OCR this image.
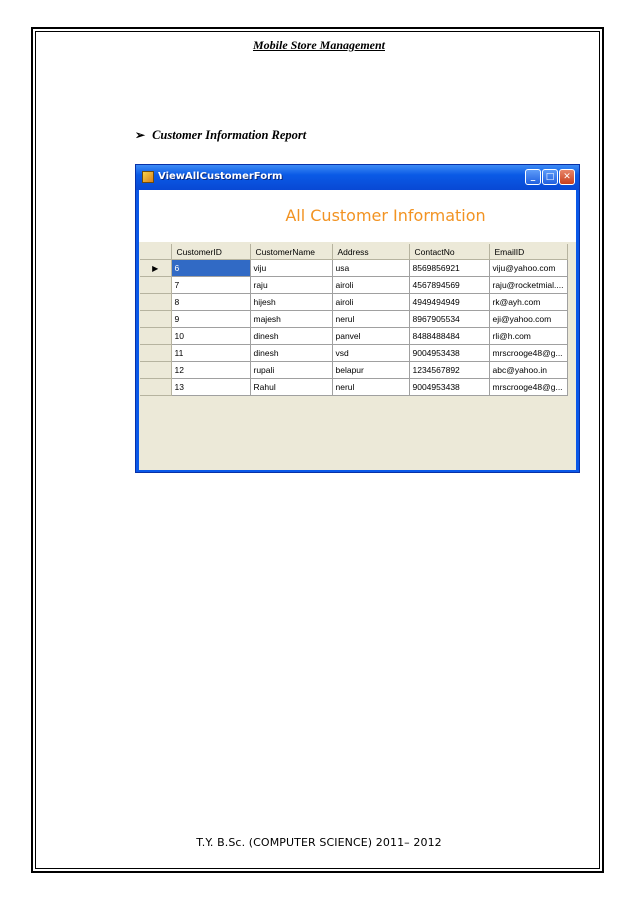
Mobile Store Management
➢ Customer Information Report
ViewAllCustomerForm	_	□ ✕
All Customer Information
	CustomerID	CustomerName	Address	ContactNo	EmailID
▶	6	viju	usa	8569856921	viju@yahoo.com
	7	raju	airoli	4567894569	raju@rocketmial....
	8	hijesh	airoli	4949494949	rk@ayh.com
	9	majesh	nerul	8967905534	eji@yahoo.com
	10	dinesh	panvel	8488488484	rli@h.com
	11	dinesh	vsd	9004953438	mrscrooge48@g...
	12	rupali	belapur	1234567892	abc@yahoo.in
	13	Rahul	nerul	9004953438	mrscrooge48@g...
T.Y. B.Sc. (COMPUTER SCIENCE) 2011– 2012
